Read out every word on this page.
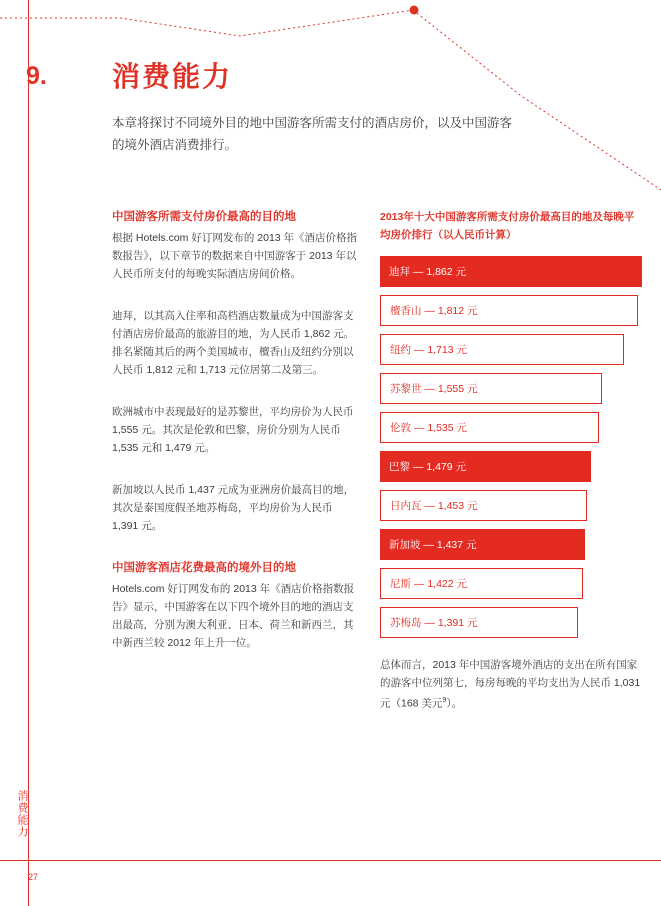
9.
消费能力
27
消费能力
本章将探讨不同境外目的地中国游客所需支付的酒店房价，以及中国游客的境外酒店消费排行。
中国游客所需支付房价最高的目的地

根据 Hotels.com 好订网发布的 2013 年《酒店价格指数报告》，以下章节的数据来自中国游客于 2013 年以人民币所支付的每晚实际酒店房间价格。

迪拜，以其高入住率和高档酒店数量成为中国游客支付酒店房价最高的旅游目的地，为人民币 1,862 元。排名紧随其后的两个美国城市，檀香山及纽约分别以人民币 1,812 元和 1,713 元位居第二及第三。

欧洲城市中表现最好的是苏黎世，平均房价为人民币 1,555 元。其次是伦敦和巴黎，房价分别为人民币 1,535 元和 1,479 元。

新加坡以人民币 1,437 元成为亚洲房价最高目的地，其次是泰国度假圣地苏梅岛，平均房价为人民币 1,391 元。

中国游客酒店花费最高的境外目的地

Hotels.com 好订网发布的 2013 年《酒店价格指数报告》显示，中国游客在以下四个境外目的地的酒店支出最高，分别为澳大利亚、日本、荷兰和新西兰，其中新西兰较 2012 年上升一位。

2013年十大中国游客所需支付房价最高目的地及每晚平均房价排行（以人民币计算）
迪拜 — 1,862 元
檀香山 — 1,812 元
纽约 — 1,713 元
苏黎世 — 1,555 元
伦敦 — 1,535 元
巴黎 — 1,479 元
日内瓦 — 1,453 元
新加坡 — 1,437 元
尼斯 — 1,422 元
苏梅岛 — 1,391 元
总体而言，2013 年中国游客境外酒店的支出在所有国家的游客中位列第七，每房每晚的平均支出为人民币 1,031 元（168 美元$^9$）。
